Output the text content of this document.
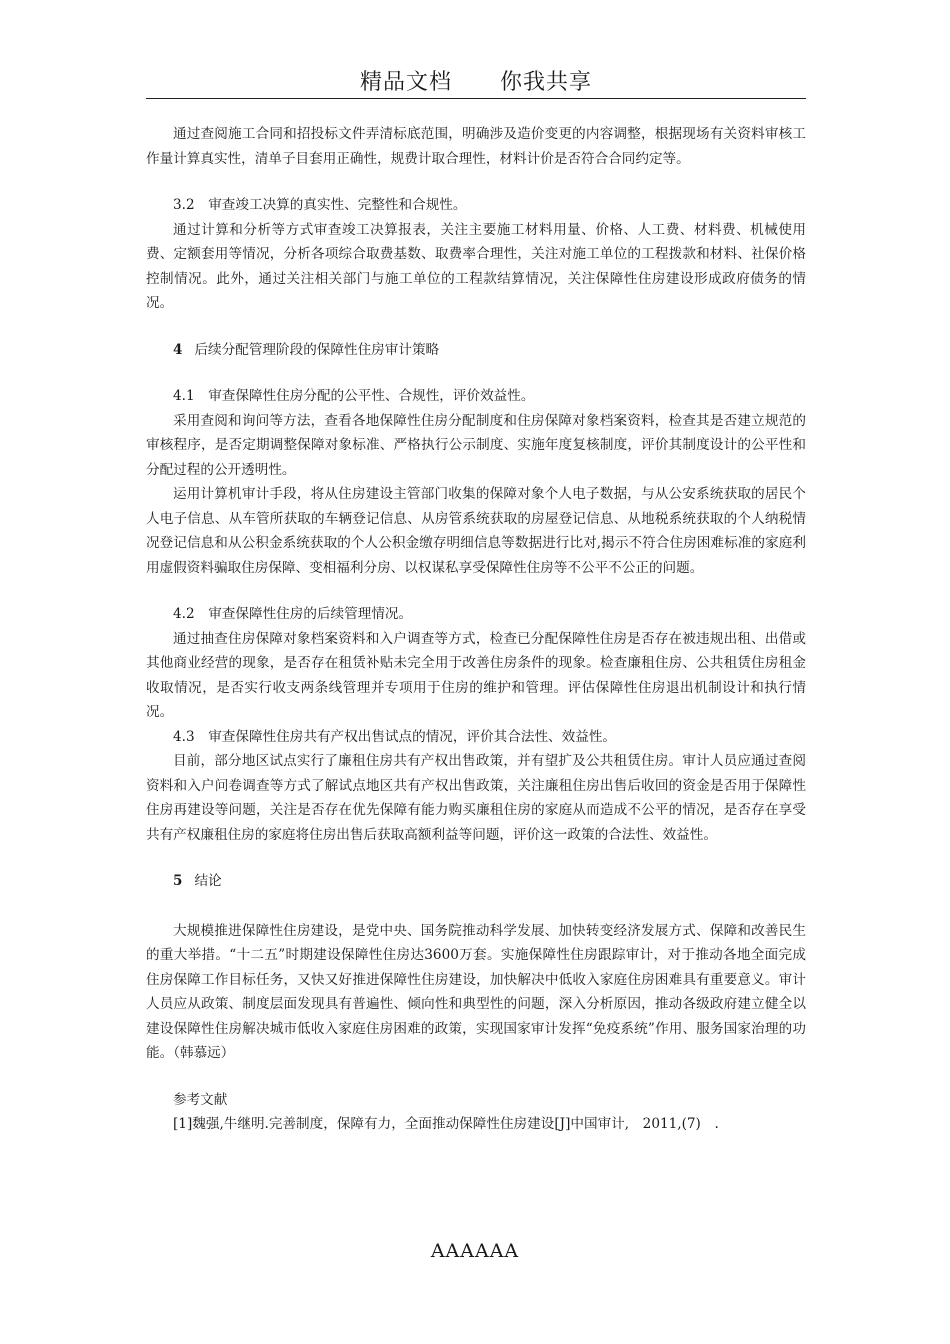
精品文档 你我共享

通过查阅施工合同和招投标文件弄清标底范围，明确涉及造价变更的内容调整，根据现场有关资料审核工作量计算真实性，清单子目套用正确性，规费计取合理性，材料计价是否符合合同约定等。

3.2　审查竣工决算的真实性、完整性和合规性。

通过计算和分析等方式审查竣工决算报表，关注主要施工材料用量、价格、人工费、材料费、机械使用费、定额套用等情况，分析各项综合取费基数、取费率合理性，关注对施工单位的工程拨款和材料、社保价格控制情况。此外，通过关注相关部门与施工单位的工程款结算情况，关注保障性住房建设形成政府债务的情况。

4 后续分配管理阶段的保障性住房审计策略

4.1　审查保障性住房分配的公平性、合规性，评价效益性。

采用查阅和询问等方法，查看各地保障性住房分配制度和住房保障对象档案资料，检查其是否建立规范的审核程序，是否定期调整保障对象标准、严格执行公示制度、实施年度复核制度，评价其制度设计的公平性和分配过程的公开透明性。

运用计算机审计手段，将从住房建设主管部门收集的保障对象个人电子数据，与从公安系统获取的居民个人电子信息、从车管所获取的车辆登记信息、从房管系统获取的房屋登记信息、从地税系统获取的个人纳税情况登记信息和从公积金系统获取的个人公积金缴存明细信息等数据进行比对,揭示不符合住房困难标准的家庭利用虚假资料骗取住房保障、变相福利分房、以权谋私享受保障性住房等不公平不公正的问题。

4.2　审查保障性住房的后续管理情况。

通过抽查住房保障对象档案资料和入户调查等方式，检查已分配保障性住房是否存在被违规出租、出借或其他商业经营的现象，是否存在租赁补贴未完全用于改善住房条件的现象。检查廉租住房、公共租赁住房租金收取情况，是否实行收支两条线管理并专项用于住房的维护和管理。评估保障性住房退出机制设计和执行情况。

4.3　审查保障性住房共有产权出售试点的情况，评价其合法性、效益性。

目前，部分地区试点实行了廉租住房共有产权出售政策，并有望扩及公共租赁住房。审计人员应通过查阅资料和入户问卷调查等方式了解试点地区共有产权出售政策，关注廉租住房出售后收回的资金是否用于保障性住房再建设等问题，关注是否存在优先保障有能力购买廉租住房的家庭从而造成不公平的情况，是否存在享受共有产权廉租住房的家庭将住房出售后获取高额利益等问题，评价这一政策的合法性、效益性。

5 结论

大规模推进保障性住房建设，是党中央、国务院推动科学发展、加快转变经济发展方式、保障和改善民生的重大举措。“十二五”时期建设保障性住房达3600万套。实施保障性住房跟踪审计，对于推动各地全面完成住房保障工作目标任务，又快又好推进保障性住房建设，加快解决中低收入家庭住房困难具有重要意义。审计人员应从政策、制度层面发现具有普遍性、倾向性和典型性的问题，深入分析原因，推动各级政府建立健全以建设保障性住房解决城市低收入家庭住房困难的政策，实现国家审计发挥“免疫系统”作用、服务国家治理的功能。（韩慕远）

参考文献

[1]魏强,牛继明.完善制度，保障有力，全面推动保障性住房建设[J]中国审计,　2011,(7)　.

AAAAAA
